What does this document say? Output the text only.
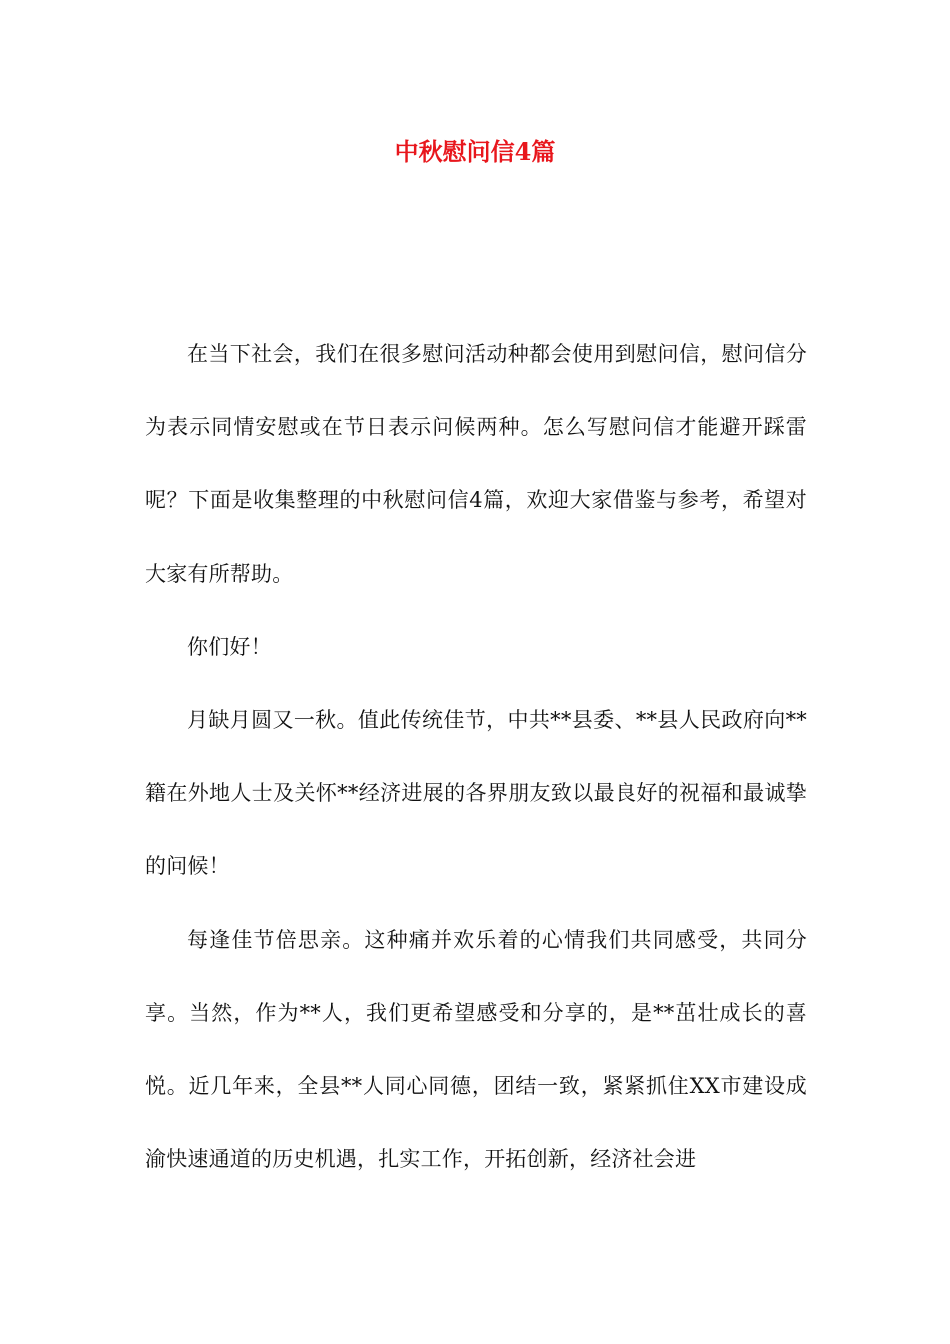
中秋慰问信4篇

在当下社会，我们在很多慰问活动种都会使用到慰问信，慰问信分为表示同情安慰或在节日表示问候两种。怎么写慰问信才能避开踩雷呢？下面是收集整理的中秋慰问信4篇，欢迎大家借鉴与参考，希望对大家有所帮助。

你们好！

月缺月圆又一秋。值此传统佳节，中共**县委、**县人民政府向**籍在外地人士及关怀**经济进展的各界朋友致以最良好的祝福和最诚挚的问候！

每逢佳节倍思亲。这种痛并欢乐着的心情我们共同感受，共同分享。当然，作为**人，我们更希望感受和分享的，是**茁壮成长的喜悦。近几年来，全县**人同心同德，团结一致，紧紧抓住XX市建设成渝快速通道的历史机遇，扎实工作，开拓创新，经济社会进
